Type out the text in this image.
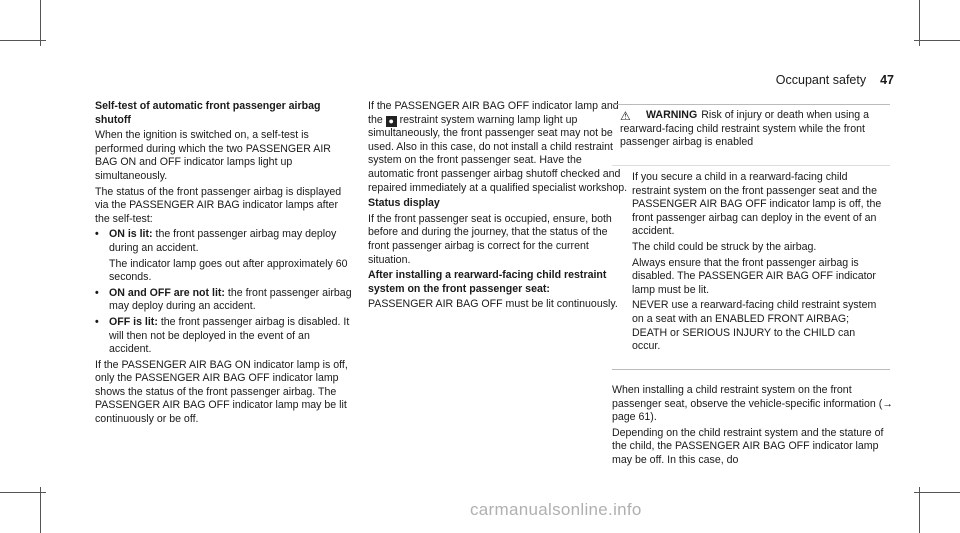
Occupant safety 47

Self-test of automatic front passenger airbag shutoff

When the ignition is switched on, a self-test is performed during which the two PASSENGER AIR BAG ON and OFF indicator lamps light up simultaneously.

The status of the front passenger airbag is displayed via the PASSENGER AIR BAG indicator lamps after the self-test:

• ON is lit: the front passenger airbag may deploy during an accident.

The indicator lamp goes out after approximately 60 seconds.

• ON and OFF are not lit: the front passenger airbag may deploy during an accident.
• OFF is lit: the front passenger airbag is disabled. It will then not be deployed in the event of an accident.

If the PASSENGER AIR BAG ON indicator lamp is off, only the PASSENGER AIR BAG OFF indicator lamp shows the status of the front passenger airbag. The PASSENGER AIR BAG OFF indicator lamp may be lit continuously or be off.

If the PASSENGER AIR BAG OFF indicator lamp and the ● restraint system warning lamp light up simultaneously, the front passenger seat may not be used. Also in this case, do not install a child restraint system on the front passenger seat. Have the automatic front passenger airbag shutoff checked and repaired immediately at a qualified specialist workshop.

Status display

If the front passenger seat is occupied, ensure, both before and during the journey, that the status of the front passenger airbag is correct for the current situation.

After installing a rearward-facing child restraint system on the front passenger seat:

PASSENGER AIR BAG OFF must be lit continuously.

⚠ WARNING Risk of injury or death when using a rearward-facing child restraint system while the front passenger airbag is enabled

If you secure a child in a rearward-facing child restraint system on the front passenger seat and the PASSENGER AIR BAG OFF indicator lamp is off, the front passenger airbag can deploy in the event of an accident.

The child could be struck by the airbag.

Always ensure that the front passenger airbag is disabled. The PASSENGER AIR BAG OFF indicator lamp must be lit.

NEVER use a rearward-facing child restraint system on a seat with an ENABLED FRONT AIRBAG; DEATH or SERIOUS INJURY to the CHILD can occur.

When installing a child restraint system on the front passenger seat, observe the vehicle-specific information (→ page 61).

Depending on the child restraint system and the stature of the child, the PASSENGER AIR BAG OFF indicator lamp may be off. In this case, do

carmanualsonline.info
